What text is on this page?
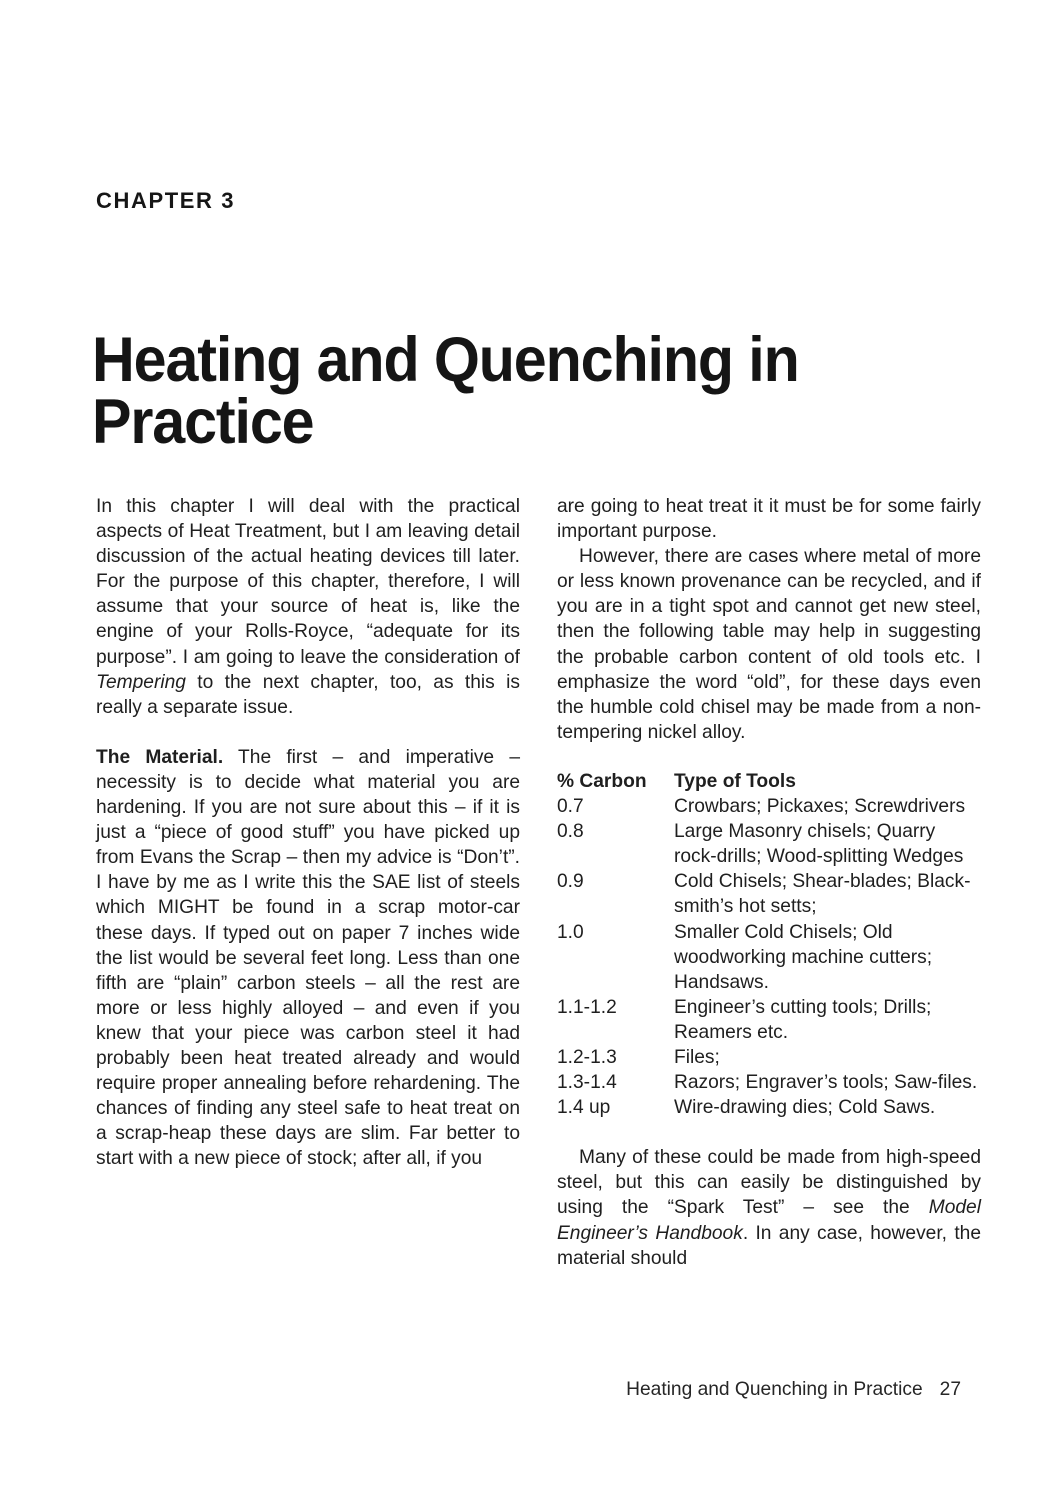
CHAPTER 3
Heating and Quenching in Practice

In this chapter I will deal with the practical aspects of Heat Treatment, but I am leaving detail discussion of the actual heating devices till later. For the purpose of this chapter, therefore, I will assume that your source of heat is, like the engine of your Rolls-Royce, “adequate for its purpose”. I am going to leave the consideration of Tempering to the next chapter, too, as this is really a separate issue.

The Material. The first – and imperative – necessity is to decide what material you are hardening. If you are not sure about this – if it is just a “piece of good stuff” you have picked up from Evans the Scrap – then my advice is “Don’t”. I have by me as I write this the SAE list of steels which MIGHT be found in a scrap motor-car these days. If typed out on paper 7 inches wide the list would be several feet long. Less than one fifth are “plain” carbon steels – all the rest are more or less highly alloyed – and even if you knew that your piece was carbon steel it had probably been heat treated already and would require proper annealing before rehardening. The chances of finding any steel safe to heat treat on a scrap-heap these days are slim. Far better to start with a new piece of stock; after all, if you

are going to heat treat it it must be for some fairly important purpose.

However, there are cases where metal of more or less known provenance can be recycled, and if you are in a tight spot and cannot get new steel, then the following table may help in suggesting the probable carbon content of old tools etc. I emphasize the word “old”, for these days even the humble cold chisel may be made from a non-tempering nickel alloy.

% Carbon	Type of Tools
0.7	Crowbars; Pickaxes; Screwdrivers
0.8	Large Masonry chisels; Quarry rock-drills; Wood-splitting Wedges
0.9	Cold Chisels; Shear-blades; Black-smith’s hot setts;
1.0	Smaller Cold Chisels; Old woodworking machine cutters; Handsaws.
1.1-1.2	Engineer’s cutting tools; Drills; Reamers etc.
1.2-1.3	Files;
1.3-1.4	Razors; Engraver’s tools; Saw-files.
1.4 up	Wire-drawing dies; Cold Saws.

Many of these could be made from high-speed steel, but this can easily be distinguished by using the “Spark Test” – see the Model Engineer’s Handbook. In any case, however, the material should

Heating and Quenching in Practice 27
